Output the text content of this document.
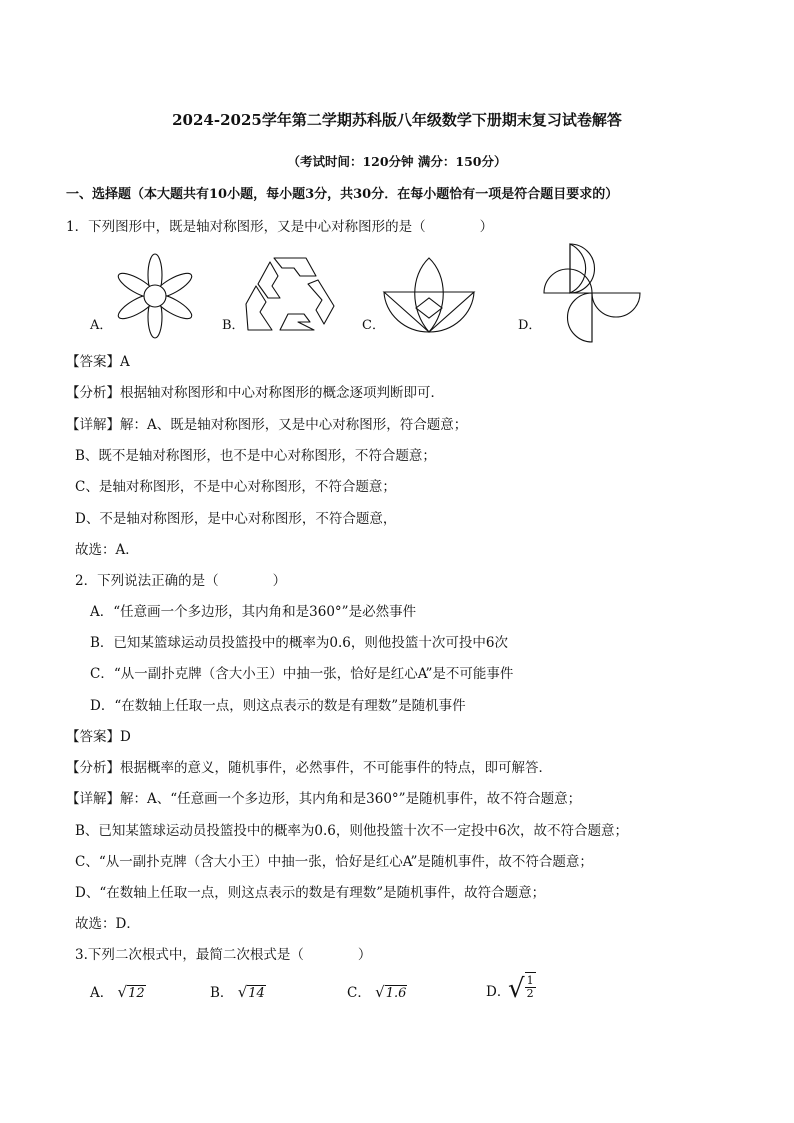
2024-2025学年第二学期苏科版八年级数学下册期末复习试卷解答
（考试时间：120分钟 满分：150分）
一、选择题（本大题共有10小题，每小题3分，共30分．在每小题恰有一项是符合题目要求的）
1．下列图形中，既是轴对称图形，又是中心对称图形的是（　　　　）
A．	B．	C．	D．
【答案】A
【分析】根据轴对称图形和中心对称图形的概念逐项判断即可．
【详解】解：A、既是轴对称图形，又是中心对称图形，符合题意；
B、既不是轴对称图形，也不是中心对称图形，不符合题意；
C、是轴对称图形，不是中心对称图形，不符合题意；
D、不是轴对称图形，是中心对称图形，不符合题意，
故选：A．
2．下列说法正确的是（　　　　）
A．“任意画一个多边形，其内角和是360°”是必然事件
B．已知某篮球运动员投篮投中的概率为0.6，则他投篮十次可投中6次
C．“从一副扑克牌（含大小王）中抽一张，恰好是红心A”是不可能事件
D．“在数轴上任取一点，则这点表示的数是有理数”是随机事件
【答案】D
【分析】根据概率的意义，随机事件，必然事件，不可能事件的特点，即可解答．
【详解】解：A、“任意画一个多边形，其内角和是360°”是随机事件，故不符合题意；
B、已知某篮球运动员投篮投中的概率为0.6，则他投篮十次不一定投中6次，故不符合题意；
C、“从一副扑克牌（含大小王）中抽一张，恰好是红心A”是随机事件，故不符合题意；
D、“在数轴上任取一点，则这点表示的数是有理数”是随机事件，故符合题意；
故选：D．
3.下列二次根式中，最简二次根式是（　　　　）
A． √ 12	B． √ 14	C． √ 1.6	D．
√ $\frac{1}{2}$
